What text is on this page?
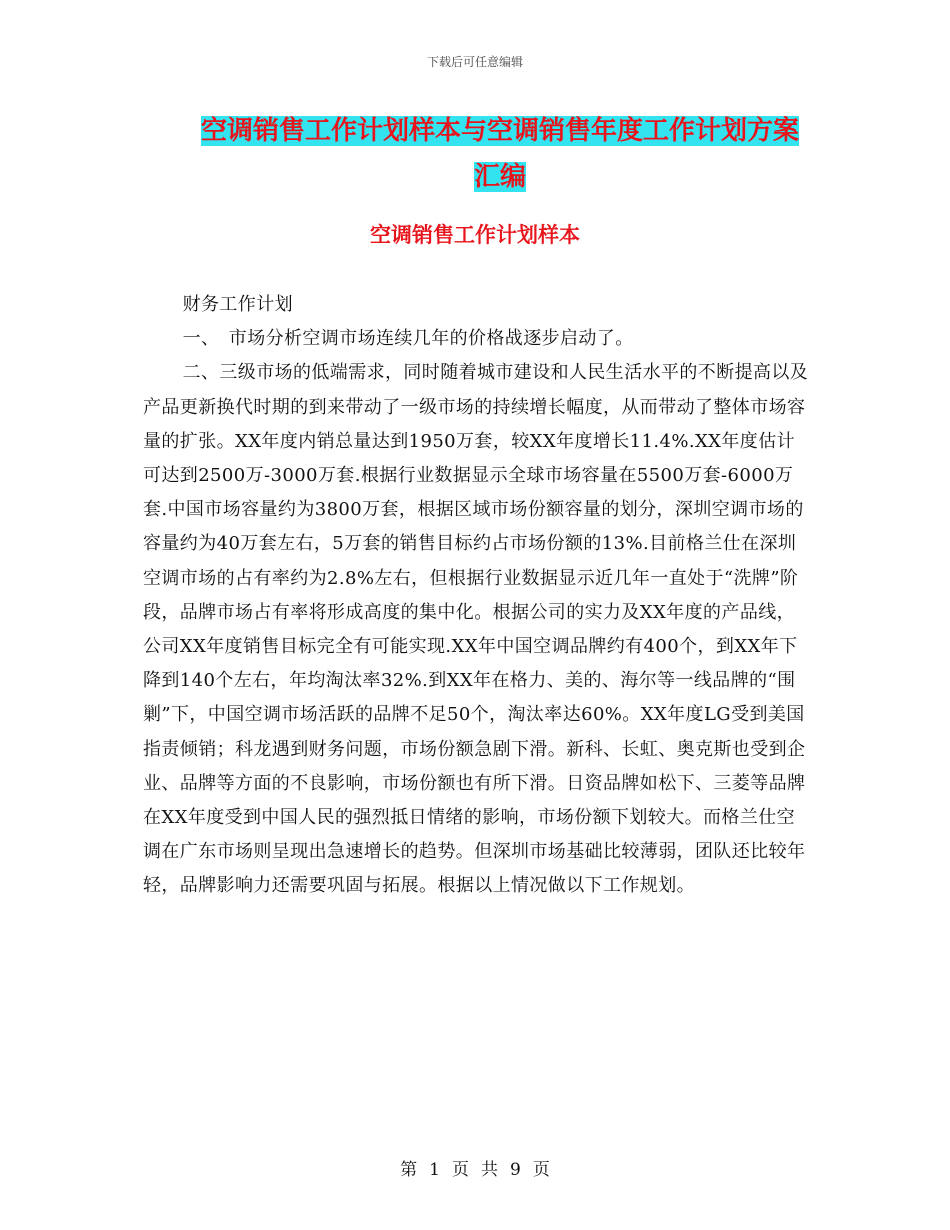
下载后可任意编辑
空调销售工作计划样本与空调销售年度工作计划方案
汇编
空调销售工作计划样本

财务工作计划

一、　市场分析空调市场连续几年的价格战逐步启动了。

二、三级市场的低端需求，同时随着城市建设和人民生活水平的不断提高以及产品更新换代时期的到来带动了一级市场的持续增长幅度，从而带动了整体市场容量的扩张。XX年度内销总量达到1950万套，较XX年度增长11.4%.XX年度估计可达到2500万-3000万套.根据行业数据显示全球市场容量在5500万套-6000万套.中国市场容量约为3800万套，根据区域市场份额容量的划分，深圳空调市场的容量约为40万套左右，5万套的销售目标约占市场份额的13%.目前格兰仕在深圳空调市场的占有率约为2.8%左右，但根据行业数据显示近几年一直处于“洗牌”阶段，品牌市场占有率将形成高度的集中化。根据公司的实力及XX年度的产品线，公司XX年度销售目标完全有可能实现.XX年中国空调品牌约有400个，到XX年下降到140个左右，年均淘汰率32%.到XX年在格力、美的、海尔等一线品牌的“围剿”下，中国空调市场活跃的品牌不足50个，淘汰率达60%。XX年度LG受到美国指责倾销；科龙遇到财务问题，市场份额急剧下滑。新科、长虹、奥克斯也受到企业、品牌等方面的不良影响，市场份额也有所下滑。日资品牌如松下、三菱等品牌在XX年度受到中国人民的强烈抵日情绪的影响，市场份额下划较大。而格兰仕空调在广东市场则呈现出急速增长的趋势。但深圳市场基础比较薄弱，团队还比较年轻，品牌影响力还需要巩固与拓展。根据以上情况做以下工作规划。

第 1 页 共 9 页
